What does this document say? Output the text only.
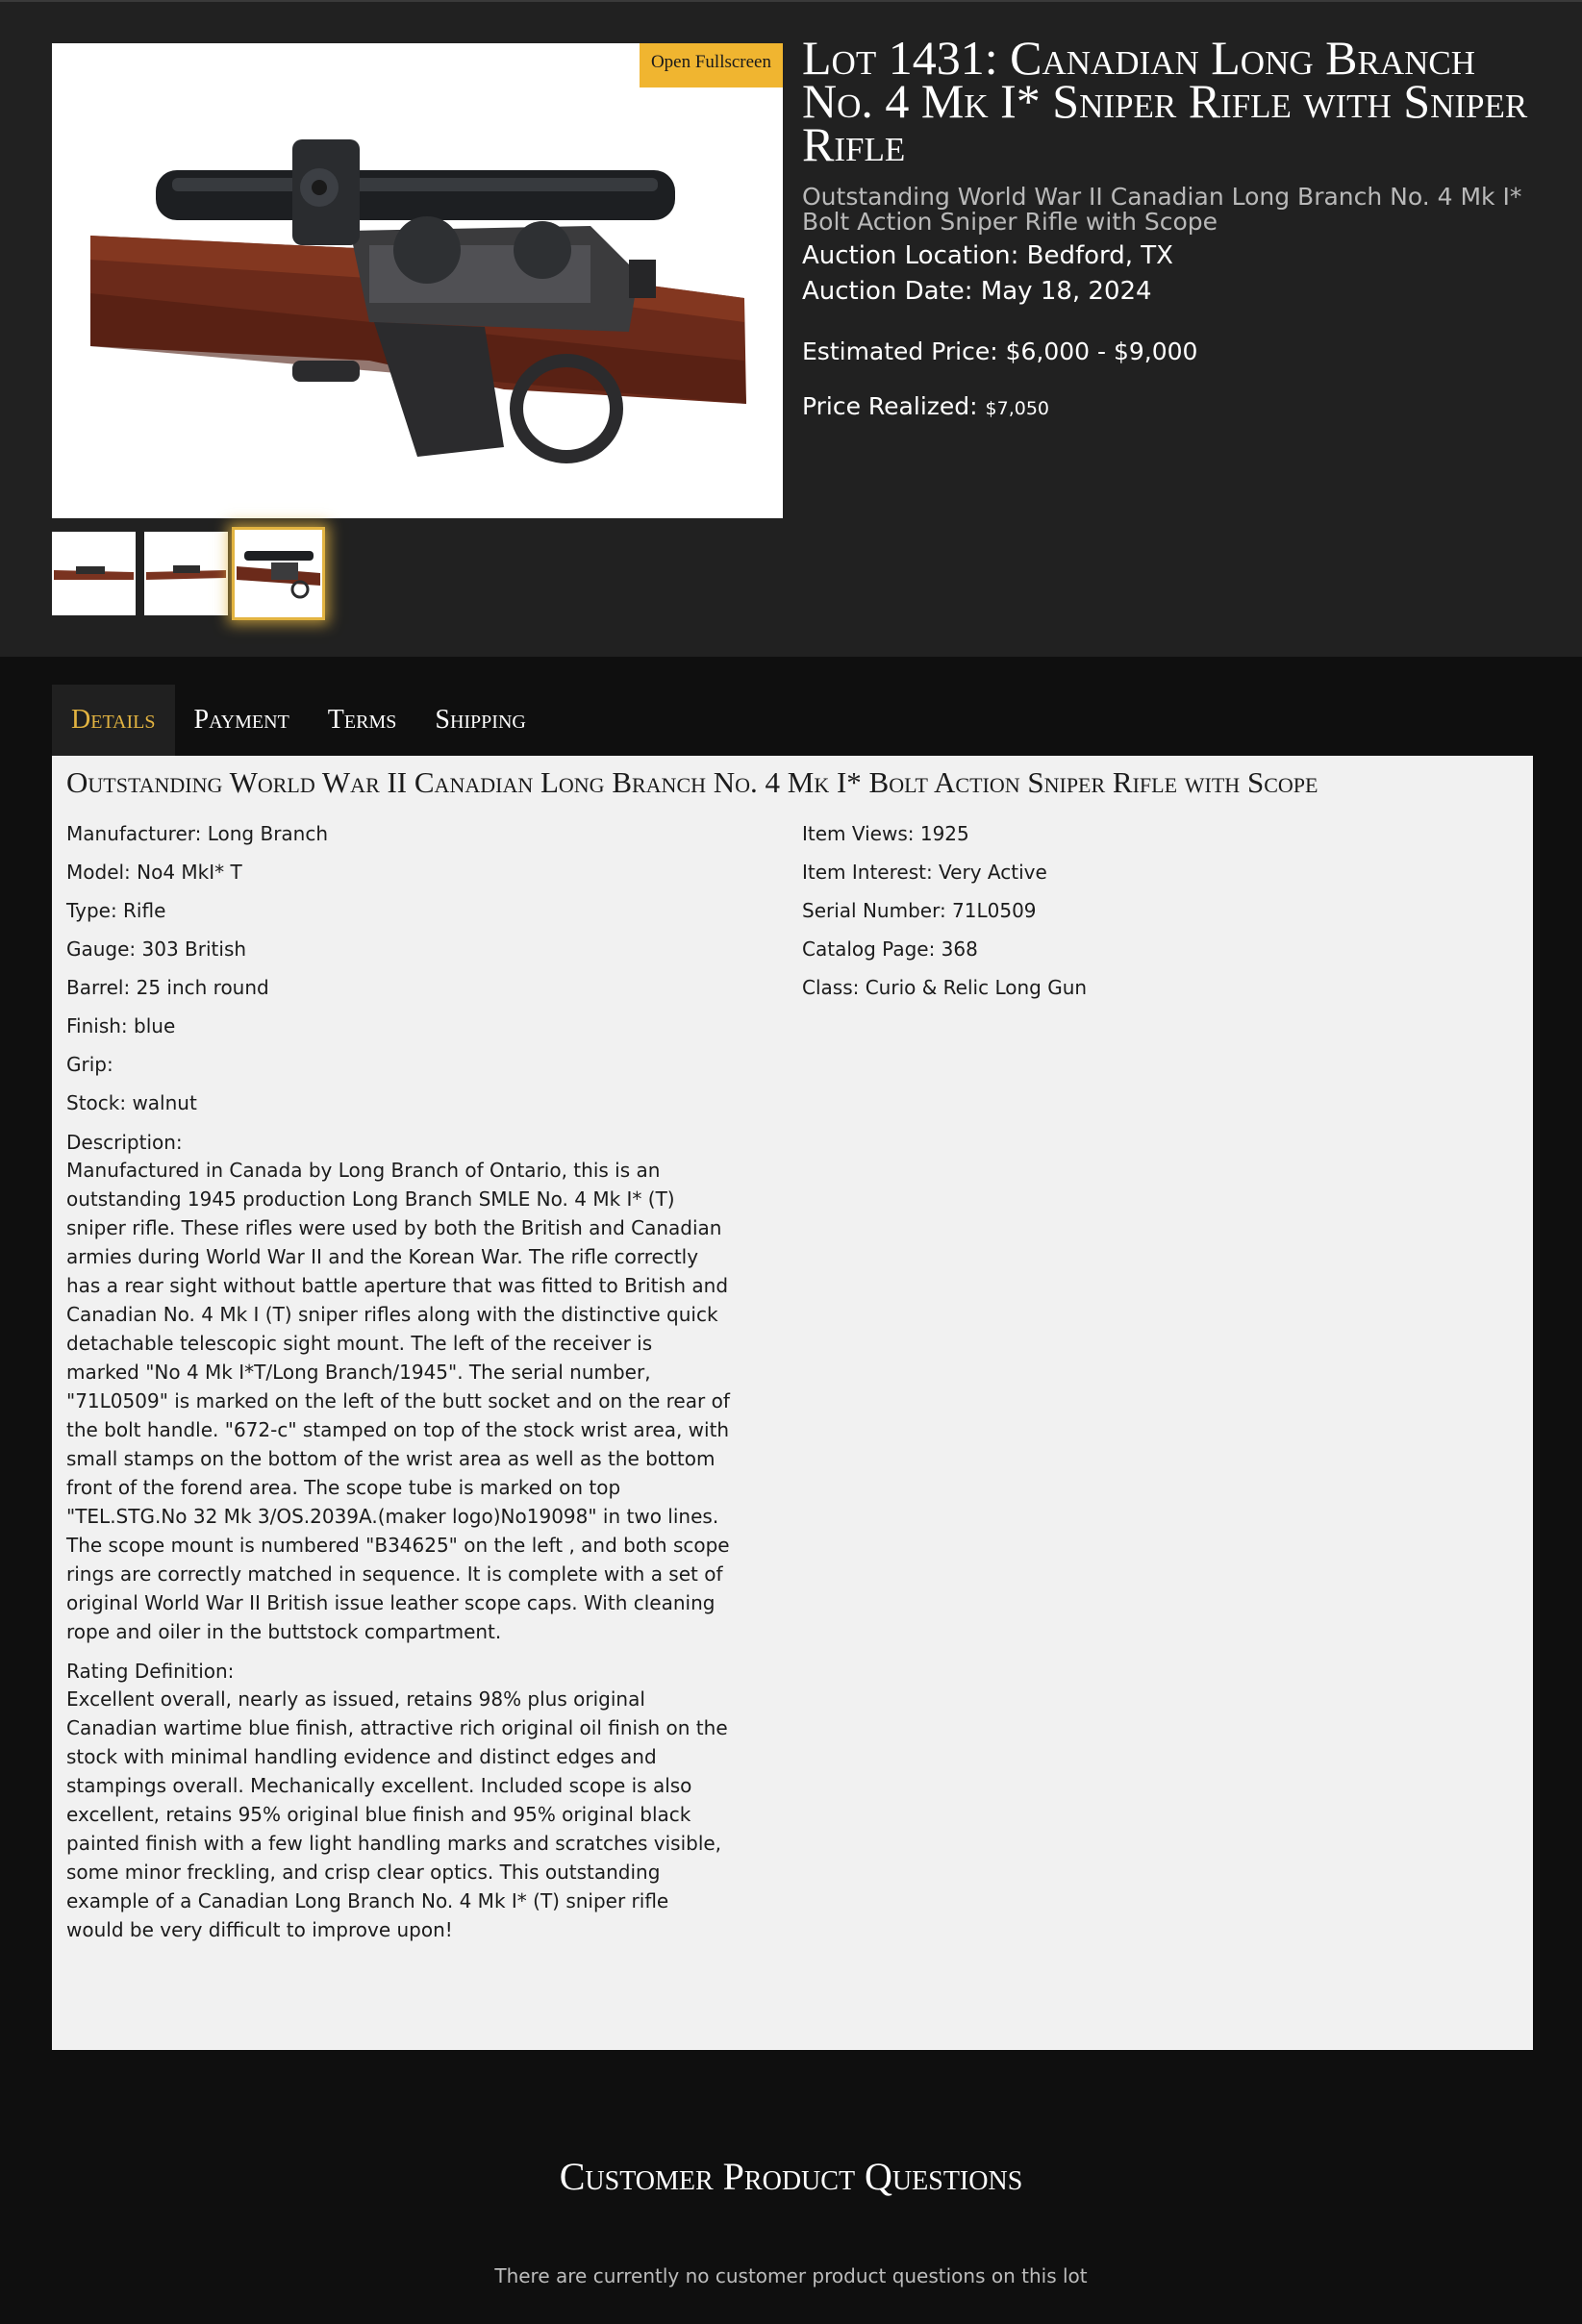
Open Fullscreen Lot 1431: Canadian Long Branch No. 4 Mk I* Sniper Rifle with Sniper Rifle
Outstanding World War II Canadian Long Branch No. 4 Mk I* Bolt Action Sniper Rifle with Scope
Auction Location: Bedford, TX
Auction Date: May 18, 2024
Estimated Price: $6,000 - $9,000
Price Realized: $7,050
Details	Payment	Terms	Shipping
Outstanding World War II Canadian Long Branch No. 4 Mk I* Bolt Action Sniper Rifle with Scope
Manufacturer: Long Branch
Model: No4 MkI* T
Type: Rifle
Gauge: 303 British
Barrel: 25 inch round
Finish: blue
Grip:
Stock: walnut
Description:
Manufactured in Canada by Long Branch of Ontario, this is an outstanding 1945 production Long Branch SMLE No. 4 Mk I* (T) sniper rifle. These rifles were used by both the British and Canadian armies during World War II and the Korean War. The rifle correctly has a rear sight without battle aperture that was fitted to British and Canadian No. 4 Mk I (T) sniper rifles along with the distinctive quick detachable telescopic sight mount. The left of the receiver is marked "No 4 Mk I*T/Long Branch/1945". The serial number, "71L0509" is marked on the left of the butt socket and on the rear of the bolt handle. "672-c" stamped on top of the stock wrist area, with small stamps on the bottom of the wrist area as well as the bottom front of the forend area. The scope tube is marked on top "TEL.STG.No 32 Mk 3/OS.2039A.(maker logo)No19098" in two lines. The scope mount is numbered "B34625" on the left , and both scope rings are correctly matched in sequence. It is complete with a set of original World War II British issue leather scope caps. With cleaning rope and oiler in the buttstock compartment.
Rating Definition:
Excellent overall, nearly as issued, retains 98% plus original Canadian wartime blue finish, attractive rich original oil finish on the stock with minimal handling evidence and distinct edges and stampings overall. Mechanically excellent. Included scope is also excellent, retains 95% original blue finish and 95% original black painted finish with a few light handling marks and scratches visible, some minor freckling, and crisp clear optics. This outstanding example of a Canadian Long Branch No. 4 Mk I* (T) sniper rifle would be very difficult to improve upon!
Item Views: 1925
Item Interest: Very Active
Serial Number: 71L0509
Catalog Page: 368
Class: Curio & Relic Long Gun
Customer Product Questions
There are currently no customer product questions on this lot
